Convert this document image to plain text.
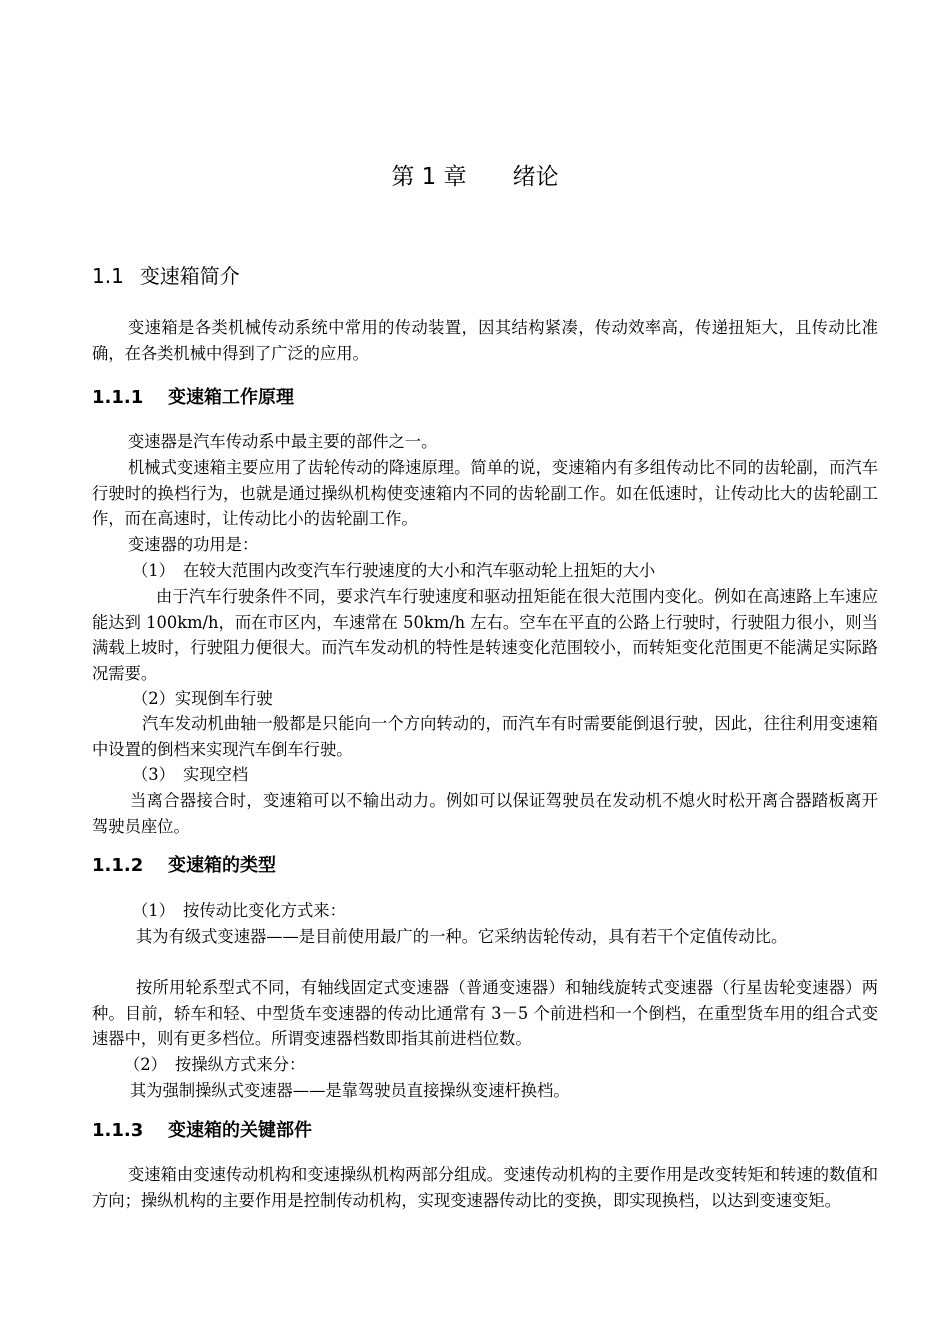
第 1 章　　 绪论
1.1 变速箱简介
变速箱是各类机械传动系统中常用的传动装置，因其结构紧凑，传动效率高，传递扭矩大，且传动比准确，在各类机械中得到了广泛的应用。
1.1.1 变速箱工作原理
变速器是汽车传动系中最主要的部件之一。
机械式变速箱主要应用了齿轮传动的降速原理。简单的说，变速箱内有多组传动比不同的齿轮副，而汽车行驶时的换档行为，也就是通过操纵机构使变速箱内不同的齿轮副工作。如在低速时，让传动比大的齿轮副工作，而在高速时，让传动比小的齿轮副工作。
变速器的功用是：
（1）　在较大范围内改变汽车行驶速度的大小和汽车驱动轮上扭矩的大小
由于汽车行驶条件不同，要求汽车行驶速度和驱动扭矩能在很大范围内变化。例如在高速路上车速应能达到 100km/h，而在市区内，车速常在 50km/h 左右。空车在平直的公路上行驶时，行驶阻力很小，则当满载上坡时，行驶阻力便很大。而汽车发动机的特性是转速变化范围较小，而转矩变化范围更不能满足实际路况需要。
（2）实现倒车行驶
汽车发动机曲轴一般都是只能向一个方向转动的，而汽车有时需要能倒退行驶，因此，往往利用变速箱中设置的倒档来实现汽车倒车行驶。
（3）　实现空档
当离合器接合时，变速箱可以不输出动力。例如可以保证驾驶员在发动机不熄火时松开离合器踏板离开驾驶员座位。
1.1.2 变速箱的类型
（1）　按传动比变化方式来：
其为有级式变速器——是目前使用最广的一种。它采纳齿轮传动，具有若干个定值传动比。
按所用轮系型式不同，有轴线固定式变速器（普通变速器）和轴线旋转式变速器（行星齿轮变速器）两种。目前，轿车和轻、中型货车变速器的传动比通常有 3－5 个前进档和一个倒档，在重型货车用的组合式变速器中，则有更多档位。所谓变速器档数即指其前进档位数。
（2）　按操纵方式来分：
其为强制操纵式变速器——是靠驾驶员直接操纵变速杆换档。
1.1.3 变速箱的关键部件
变速箱由变速传动机构和变速操纵机构两部分组成。变速传动机构的主要作用是改变转矩和转速的数值和方向；操纵机构的主要作用是控制传动机构，实现变速器传动比的变换，即实现换档，以达到变速变矩。
